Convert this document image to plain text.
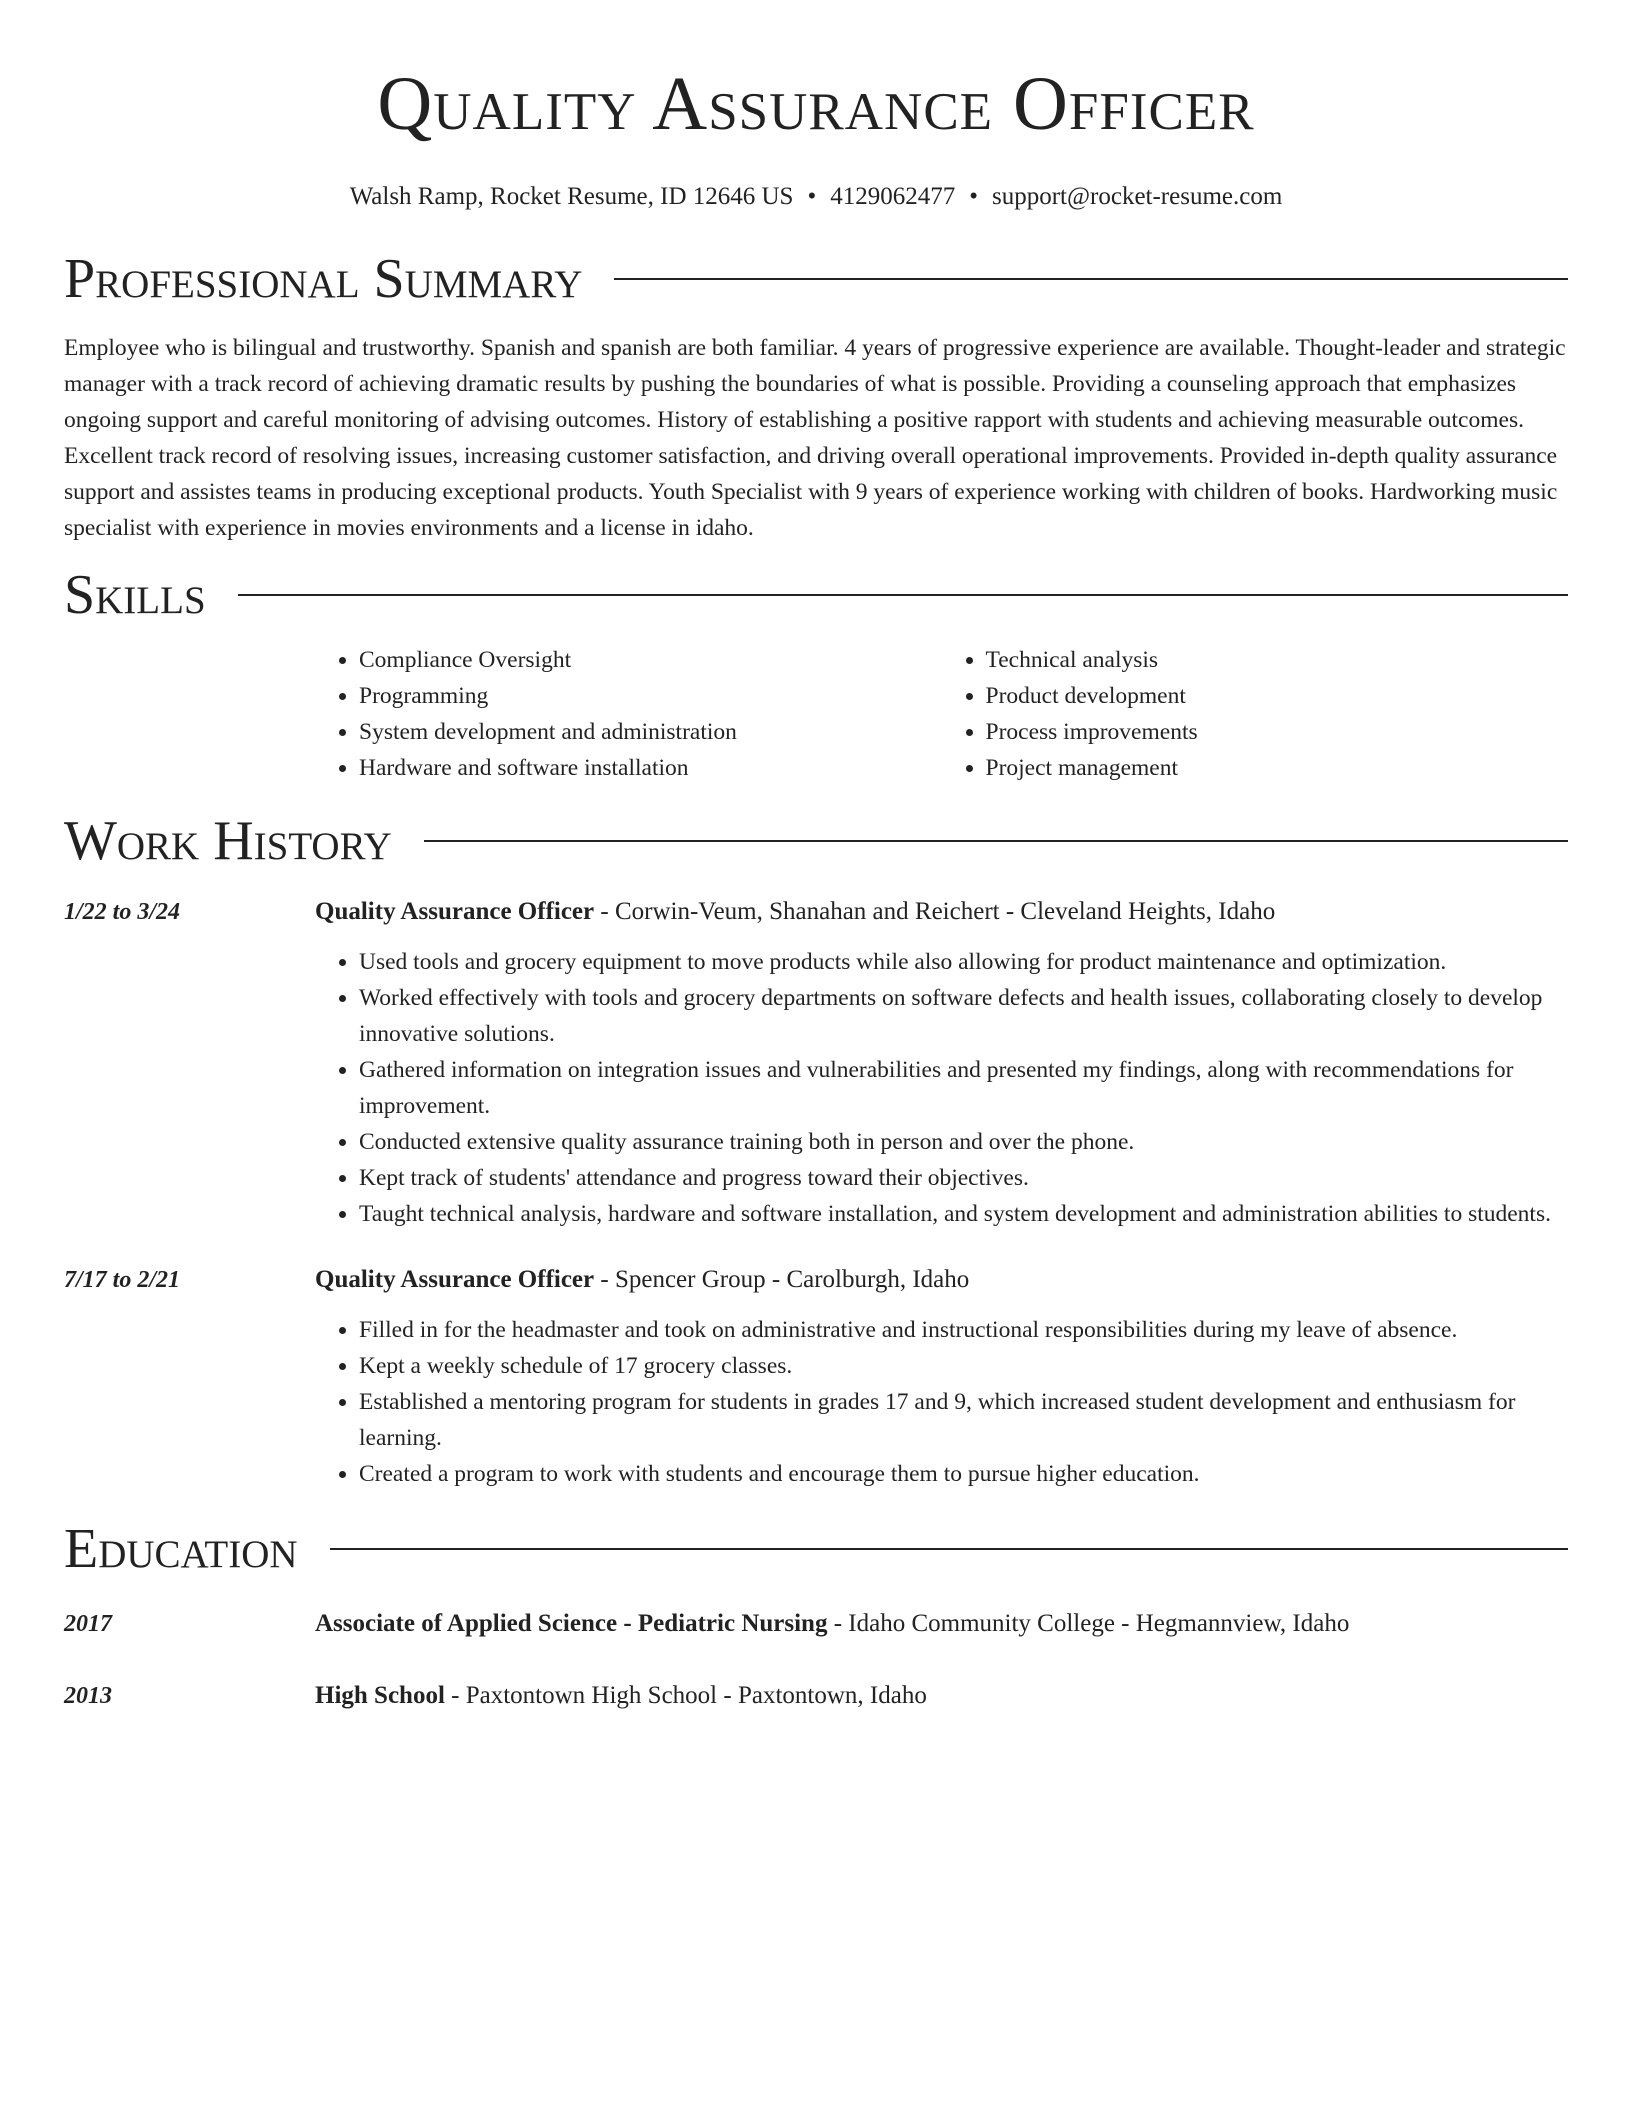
Quality Assurance Officer
Walsh Ramp, Rocket Resume, ID 12646 US • 4129062477 • support@rocket-resume.com
Professional Summary

Employee who is bilingual and trustworthy. Spanish and spanish are both familiar. 4 years of progressive experience are available. Thought-leader and strategic manager with a track record of achieving dramatic results by pushing the boundaries of what is possible. Providing a counseling approach that emphasizes ongoing support and careful monitoring of advising outcomes. History of establishing a positive rapport with students and achieving measurable outcomes. Excellent track record of resolving issues, increasing customer satisfaction, and driving overall operational improvements. Provided in-depth quality assurance support and assistes teams in producing exceptional products. Youth Specialist with 9 years of experience working with children of books. Hardworking music specialist with experience in movies environments and a license in idaho.

Skills
• Compliance Oversight
• Programming
• System development and administration
• Hardware and software installation
• Technical analysis
• Product development
• Process improvements
• Project management
Work History
1/22 to 3/24	Quality Assurance Officer - Corwin-Veum, Shanahan and Reichert - Cleveland Heights, Idaho
• Used tools and grocery equipment to move products while also allowing for product maintenance and optimization.
• Worked effectively with tools and grocery departments on software defects and health issues, collaborating closely to develop innovative solutions.
• Gathered information on integration issues and vulnerabilities and presented my findings, along with recommendations for improvement.
• Conducted extensive quality assurance training both in person and over the phone.
• Kept track of students' attendance and progress toward their objectives.
• Taught technical analysis, hardware and software installation, and system development and administration abilities to students.
7/17 to 2/21	Quality Assurance Officer - Spencer Group - Carolburgh, Idaho
• Filled in for the headmaster and took on administrative and instructional responsibilities during my leave of absence.
• Kept a weekly schedule of 17 grocery classes.
• Established a mentoring program for students in grades 17 and 9, which increased student development and enthusiasm for learning.
• Created a program to work with students and encourage them to pursue higher education.
Education
2017	Associate of Applied Science - Pediatric Nursing - Idaho Community College - Hegmannview, Idaho
2013	High School - Paxtontown High School - Paxtontown, Idaho
